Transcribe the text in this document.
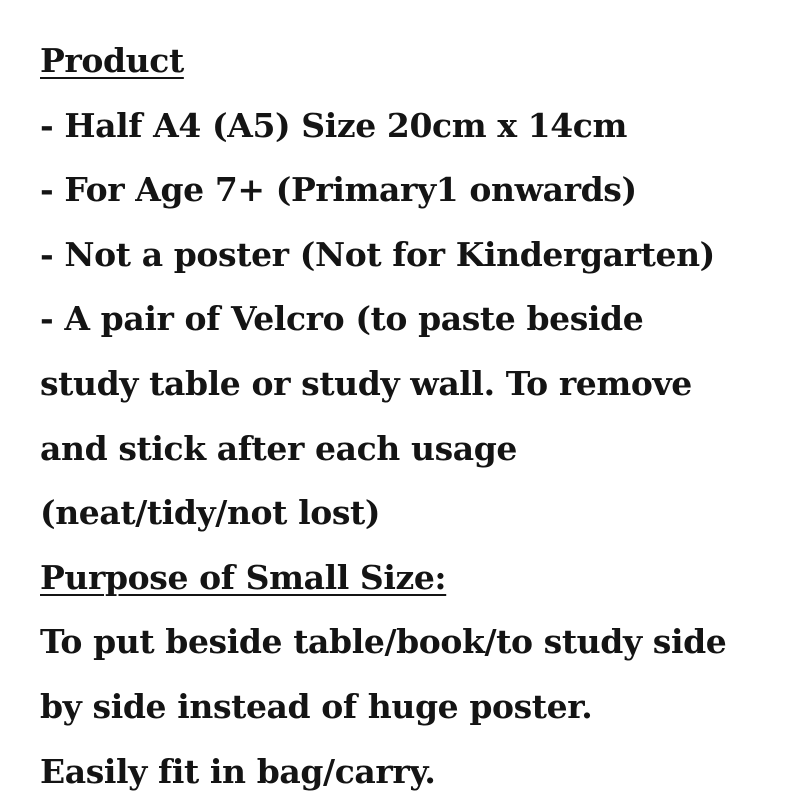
Product
- Half A4 (A5) Size 20cm x 14cm
- For Age 7+ (Primary1 onwards)
- Not a poster (Not for Kindergarten)
- A pair of Velcro (to paste beside
study table or study wall. To remove
and stick after each usage
(neat/tidy/not lost)
Purpose of Small Size:
To put beside table/book/to study side
by side instead of huge poster.
Easily fit in bag/carry.
